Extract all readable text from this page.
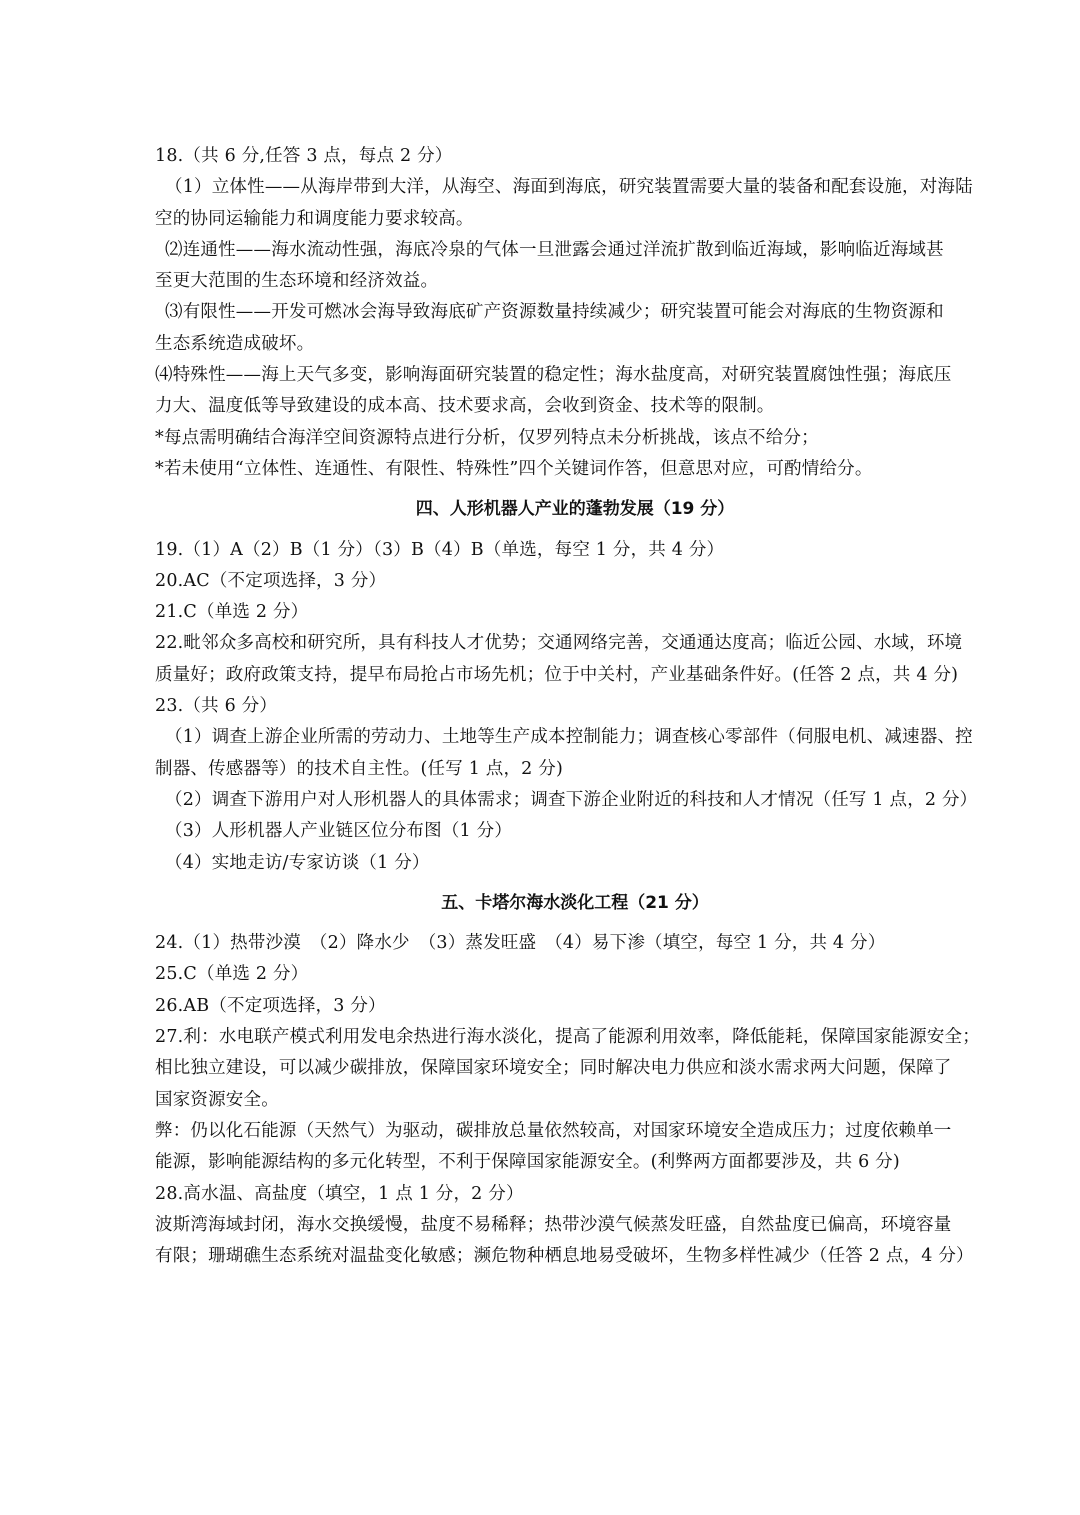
18.（共 6 分,任答 3 点，每点 2 分）
（1）立体性——从海岸带到大洋，从海空、海面到海底，研究装置需要大量的装备和配套设施，对海陆
空的协同运输能力和调度能力要求较高。
⑵连通性——海水流动性强，海底冷泉的气体一旦泄露会通过洋流扩散到临近海域，影响临近海域甚
至更大范围的生态环境和经济效益。
⑶有限性——开发可燃冰会海导致海底矿产资源数量持续减少；研究装置可能会对海底的生物资源和
生态系统造成破坏。
⑷特殊性——海上天气多变，影响海面研究装置的稳定性；海水盐度高，对研究装置腐蚀性强；海底压
力大、温度低等导致建设的成本高、技术要求高，会收到资金、技术等的限制。
*每点需明确结合海洋空间资源特点进行分析，仅罗列特点未分析挑战，该点不给分；
*若未使用“立体性、连通性、有限性、特殊性”四个关键词作答，但意思对应，可酌情给分。
四、人形机器人产业的蓬勃发展（19 分）
19.（1）A（2）B（1 分）（3）B（4）B（单选，每空 1 分，共 4 分）
20.AC（不定项选择，3 分）
21.C（单选 2 分）
22.毗邻众多高校和研究所，具有科技人才优势；交通网络完善，交通通达度高；临近公园、水域，环境
质量好；政府政策支持，提早布局抢占市场先机；位于中关村，产业基础条件好。(任答 2 点，共 4 分)
23.（共 6 分）
（1）调查上游企业所需的劳动力、土地等生产成本控制能力；调查核心零部件（伺服电机、减速器、控
制器、传感器等）的技术自主性。(任写 1 点，2 分)
（2）调查下游用户对人形机器人的具体需求；调查下游企业附近的科技和人才情况（任写 1 点，2 分）
（3）人形机器人产业链区位分布图（1 分）
（4）实地走访/专家访谈（1 分）
五、卡塔尔海水淡化工程（21 分）
24.（1）热带沙漠　（2）降水少　（3）蒸发旺盛　（4）易下渗（填空，每空 1 分，共 4 分）
25.C（单选 2 分）
26.AB（不定项选择，3 分）
27.利：水电联产模式利用发电余热进行海水淡化，提高了能源利用效率，降低能耗，保障国家能源安全；
相比独立建设，可以减少碳排放，保障国家环境安全；同时解决电力供应和淡水需求两大问题，保障了
国家资源安全。
弊：仍以化石能源（天然气）为驱动，碳排放总量依然较高，对国家环境安全造成压力；过度依赖单一
能源，影响能源结构的多元化转型，不利于保障国家能源安全。(利弊两方面都要涉及，共 6 分)
28.高水温、高盐度（填空，1 点 1 分，2 分）
波斯湾海域封闭，海水交换缓慢，盐度不易稀释；热带沙漠气候蒸发旺盛，自然盐度已偏高，环境容量
有限；珊瑚礁生态系统对温盐变化敏感；濒危物种栖息地易受破坏，生物多样性减少（任答 2 点，4 分）
